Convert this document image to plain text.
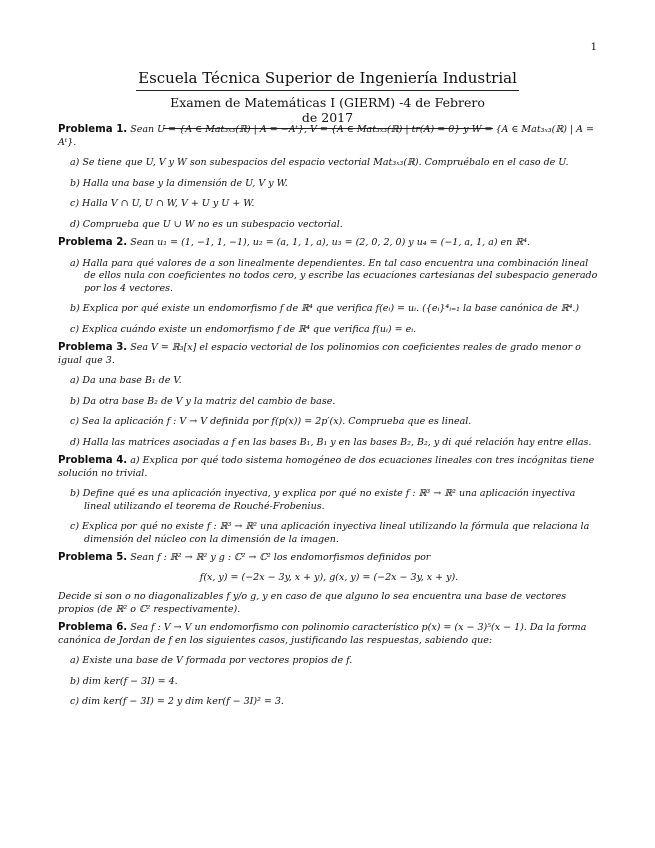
1
Escuela Técnica Superior de Ingeniería Industrial
Examen de Matemáticas I (GIERM) -4 de Febrero de 2017

Problema 1. Sean U = {A ∈ Mat₃ₓ₃(ℝ) | A = −Aᵗ}, V = {A ∈ Mat₃ₓ₃(ℝ) | tr(A) = 0} y W = {A ∈ Mat₃ₓ₃(ℝ) | A = Aᵗ}.

a) Se tiene que U, V y W son subespacios del espacio vectorial Mat₃ₓ₃(ℝ). Compruébalo en el caso de U.
b) Halla una base y la dimensión de U, V y W.
c) Halla V ∩ U, U ∩ W, V + U y U + W.
d) Comprueba que U ∪ W no es un subespacio vectorial.

Problema 2. Sean u₁ = (1, −1, 1, −1), u₂ = (a, 1, 1, a), u₃ = (2, 0, 2, 0) y u₄ = (−1, a, 1, a) en ℝ⁴.

a) Halla para qué valores de a son linealmente dependientes. En tal caso encuentra una combinación lineal de ellos nula con coeficientes no todos cero, y escribe las ecuaciones cartesianas del subespacio generado por los 4 vectores.
b) Explica por qué existe un endomorfismo f de ℝ⁴ que verifica f(eᵢ) = uᵢ. ({eᵢ}⁴ᵢ₌₁ la base canónica de ℝ⁴.)
c) Explica cuándo existe un endomorfismo f de ℝ⁴ que verifica f(uᵢ) = eᵢ.

Problema 3. Sea V = ℝ₃[x] el espacio vectorial de los polinomios con coeficientes reales de grado menor o igual que 3.

a) Da una base B₁ de V.
b) Da otra base B₂ de V y la matriz del cambio de base.
c) Sea la aplicación f : V → V definida por f(p(x)) = 2p′(x). Comprueba que es lineal.
d) Halla las matrices asociadas a f en las bases B₁, B₁ y en las bases B₂, B₂, y di qué relación hay entre ellas.

Problema 4. a) Explica por qué todo sistema homogéneo de dos ecuaciones lineales con tres incógnitas tiene solución no trivial.

b) Define qué es una aplicación inyectiva, y explica por qué no existe f : ℝ³ → ℝ² una aplicación inyectiva lineal utilizando el teorema de Rouché-Frobenius.
c) Explica por qué no existe f : ℝ³ → ℝ² una aplicación inyectiva lineal utilizando la fórmula que relaciona la dimensión del núcleo con la dimensión de la imagen.

Problema 5. Sean f : ℝ² → ℝ² y g : ℂ² → ℂ² los endomorfismos definidos por

f(x, y) = (−2x − 3y, x + y), g(x, y) = (−2x − 3y, x + y).

Decide si son o no diagonalizables f y/o g, y en caso de que alguno lo sea encuentra una base de vectores propios (de ℝ² o ℂ² respectivamente).

Problema 6. Sea f : V → V un endomorfismo con polinomio característico p(x) = (x − 3)⁵(x − 1). Da la forma canónica de Jordan de f en los siguientes casos, justificando las respuestas, sabiendo que:

a) Existe una base de V formada por vectores propios de f.
b) dim ker(f − 3I) = 4.
c) dim ker(f − 3I) = 2 y dim ker(f − 3I)² = 3.
